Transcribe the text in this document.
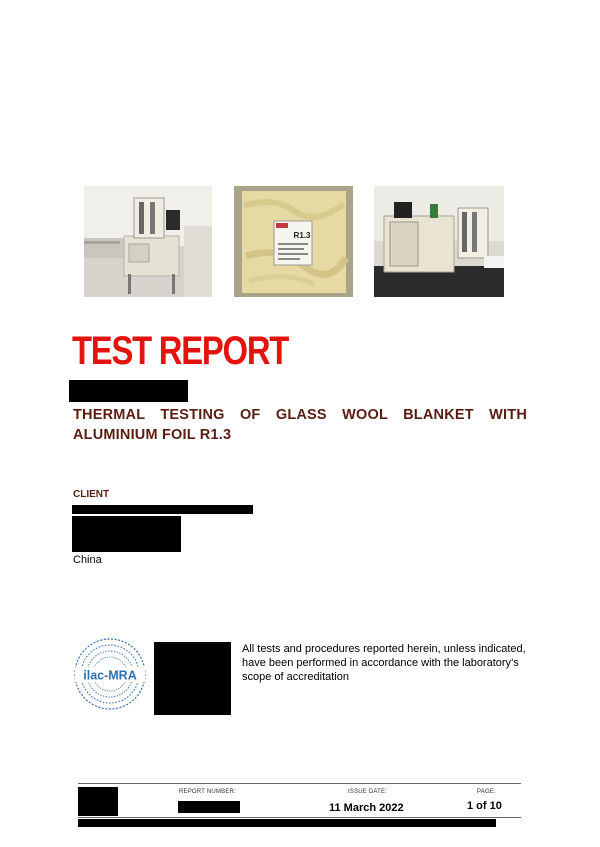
R1.3
TEST REPORT

THERMAL TESTING OF GLASS WOOL BLANKET WITH ALUMINIUM FOIL R1.3

CLIENT
China
ilac-MRA
All tests and procedures reported herein, unless indicated, have been performed in accordance with the laboratory’s scope of accreditation
REPORT NUMBER:	ISSUE DATE:
11 March 2022
PAGE:
1 of 10
